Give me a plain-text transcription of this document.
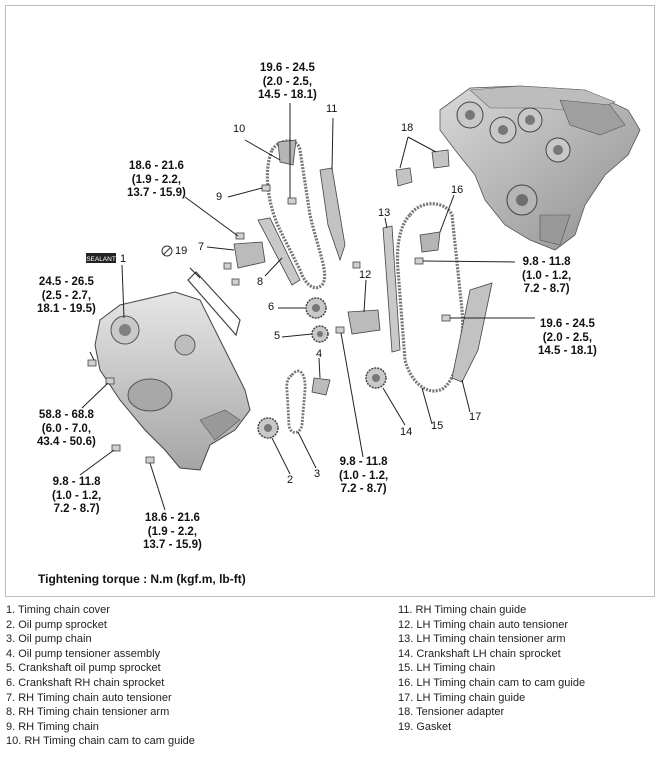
SEALANT
19.6 - 24.5
(2.0 - 2.5,
14.5 - 18.1)
18.6 - 21.6
(1.9 - 2.2,
13.7 - 15.9)
24.5 - 26.5
(2.5 - 2.7,
18.1 - 19.5)
9.8 - 11.8
(1.0 - 1.2,
7.2 - 8.7)
19.6 - 24.5
(2.0 - 2.5,
14.5 - 18.1)
58.8 - 68.8
(6.0 - 7.0,
43.4 - 50.6)
9.8 - 11.8
(1.0 - 1.2,
7.2 - 8.7)
9.8 - 11.8
(1.0 - 1.2,
7.2 - 8.7)
18.6 - 21.6
(1.9 - 2.2,
13.7 - 15.9)
1
2 3
4
5
6
7
8
9
10
11
12
13
14 15
16
17
18
19
Tightening torque : N.m (kgf.m, lb-ft)
1. Timing chain cover
2. Oil pump sprocket
3. Oil pump chain
4. Oil pump tensioner assembly
5. Crankshaft oil pump sprocket
6. Crankshaft RH chain sprocket
7. RH Timing chain auto tensioner
8. RH Timing chain tensioner arm
9. RH Timing chain
10. RH Timing chain cam to cam guide
11. RH Timing chain guide
12. LH Timing chain auto tensioner
13. LH Timing chain tensioner arm
14. Crankshaft LH chain sprocket
15. LH Timing chain
16. LH Timing chain cam to cam guide
17. LH Timing chain guide
18. Tensioner adapter
19. Gasket
